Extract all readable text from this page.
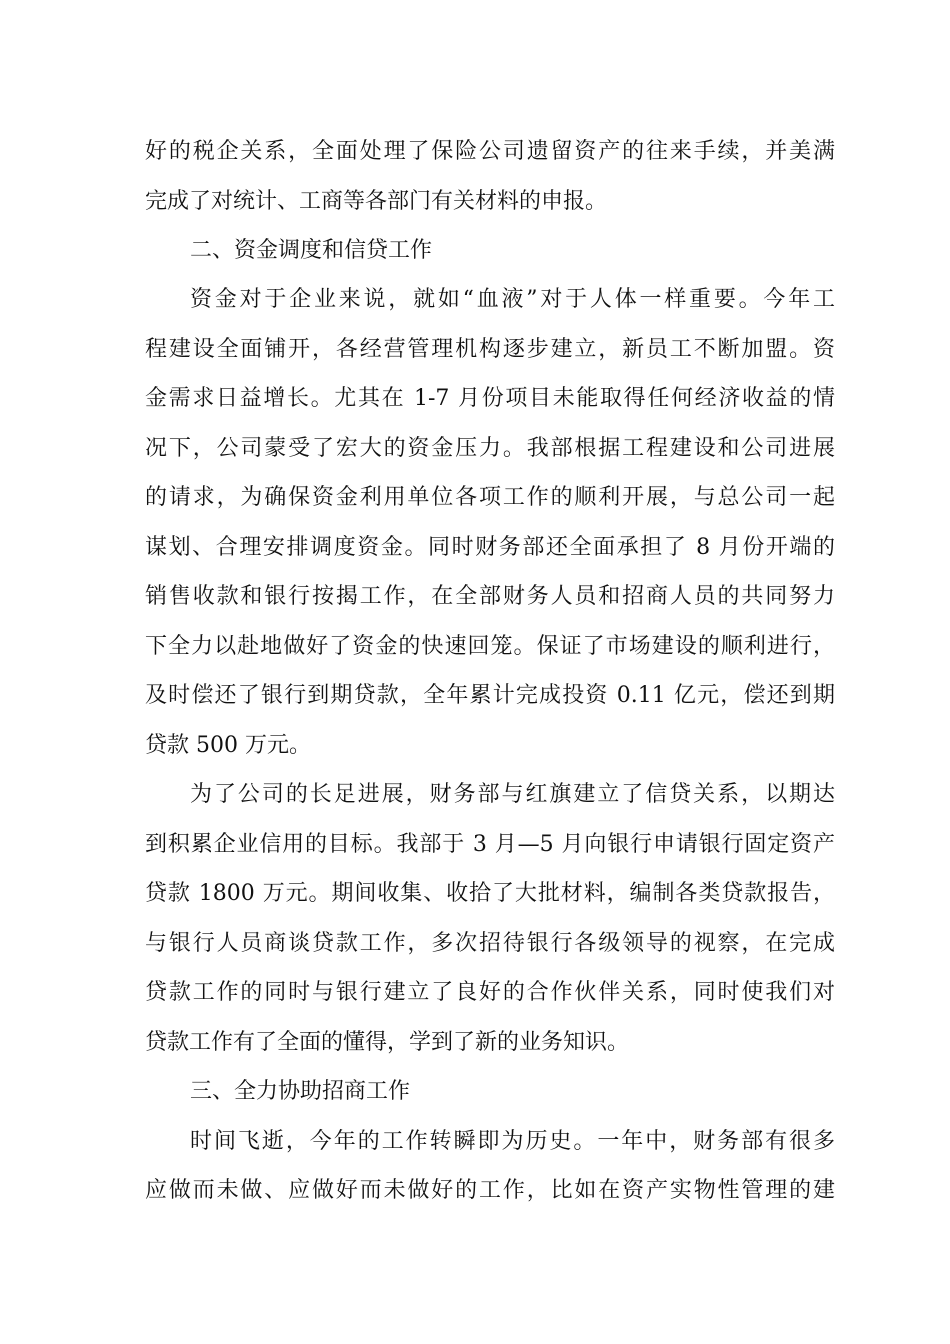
好的税企关系，全面处理了保险公司遗留资产的往来手续，并美满
完成了对统计、工商等各部门有关材料的申报。
二、资金调度和信贷工作
资金对于企业来说，就如“血液”对于人体一样重要。今年工
程建设全面铺开，各经营管理机构逐步建立，新员工不断加盟。资
金需求日益增长。尤其在 1-7 月份项目未能取得任何经济收益的情
况下，公司蒙受了宏大的资金压力。我部根据工程建设和公司进展
的请求，为确保资金利用单位各项工作的顺利开展，与总公司一起
谋划、合理安排调度资金。同时财务部还全面承担了 8 月份开端的
销售收款和银行按揭工作，在全部财务人员和招商人员的共同努力
下全力以赴地做好了资金的快速回笼。保证了市场建设的顺利进行，
及时偿还了银行到期贷款，全年累计完成投资 0.11 亿元，偿还到期
贷款 500 万元。
为了公司的长足进展，财务部与红旗建立了信贷关系，以期达
到积累企业信用的目标。我部于 3 月—5 月向银行申请银行固定资产
贷款 1800 万元。期间收集、收拾了大批材料，编制各类贷款报告，
与银行人员商谈贷款工作，多次招待银行各级领导的视察，在完成
贷款工作的同时与银行建立了良好的合作伙伴关系，同时使我们对
贷款工作有了全面的懂得，学到了新的业务知识。
三、全力协助招商工作
时间飞逝，今年的工作转瞬即为历史。一年中，财务部有很多
应做而未做、应做好而未做好的工作，比如在资产实物性管理的建
